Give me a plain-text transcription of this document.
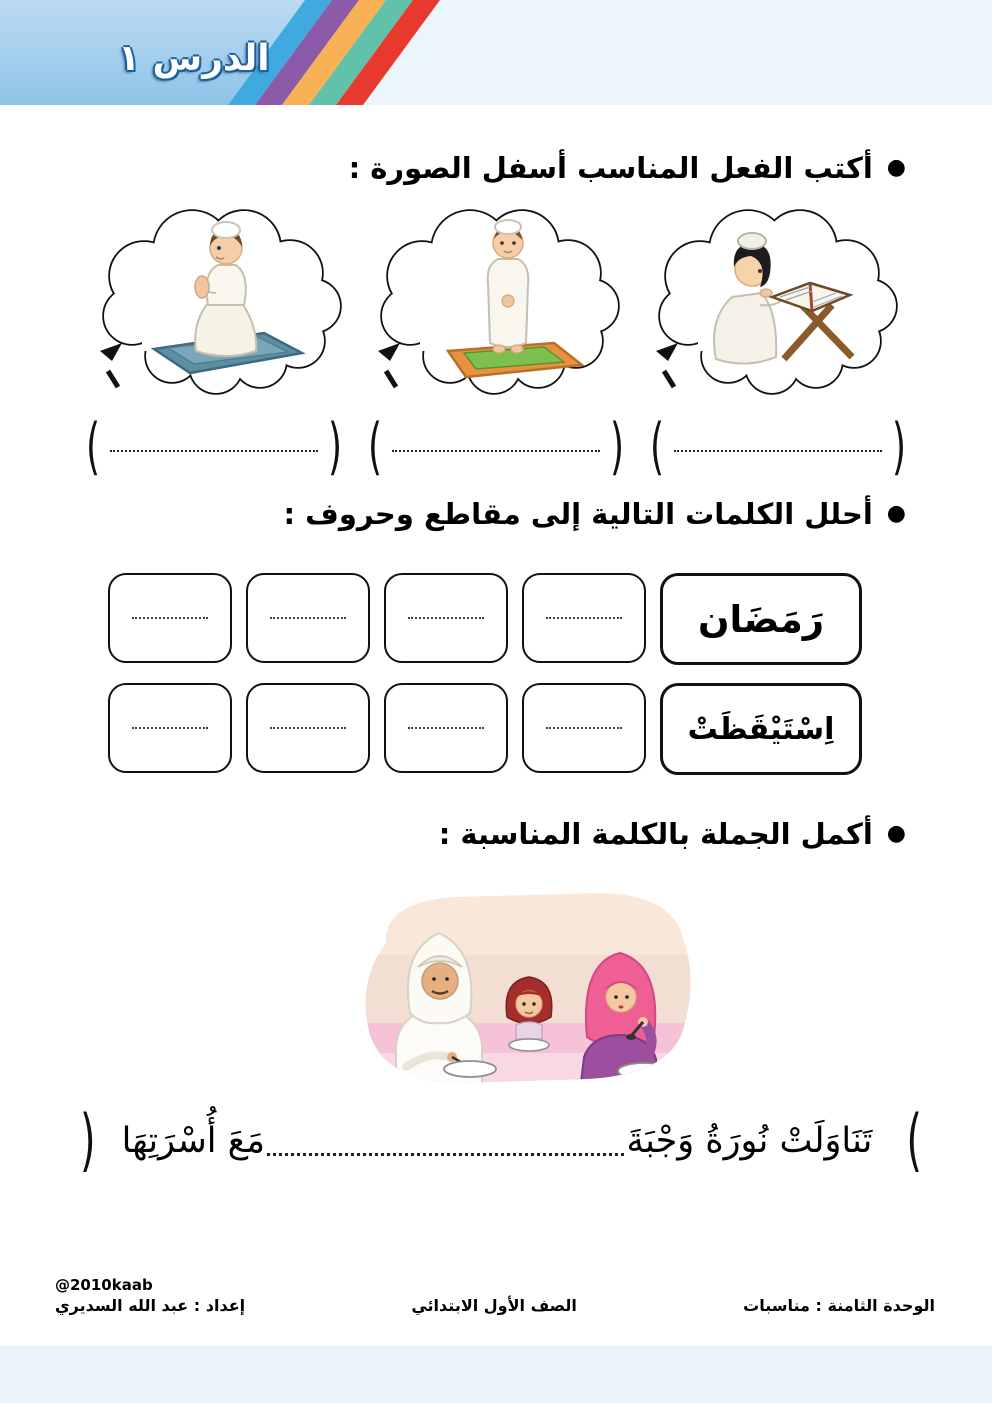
الدرس ١
●
أكتب الفعل المناسب أسفل الصورة :
(	) (	) (	)
●
أحلل الكلمات التالية إلى مقاطع وحروف :
رَمَضَان
اِسْتَيْقَظَتْ
●
أكمل الجملة بالكلمة المناسبة :
(
تَنَاوَلَتْ نُورَةُ وَجْبَةَ
مَعَ أُسْرَتِهَا
)
@2010kaab
إعداد : عبد الله السديري	الصف الأول الابتدائي	الوحدة الثامنة : مناسبات
